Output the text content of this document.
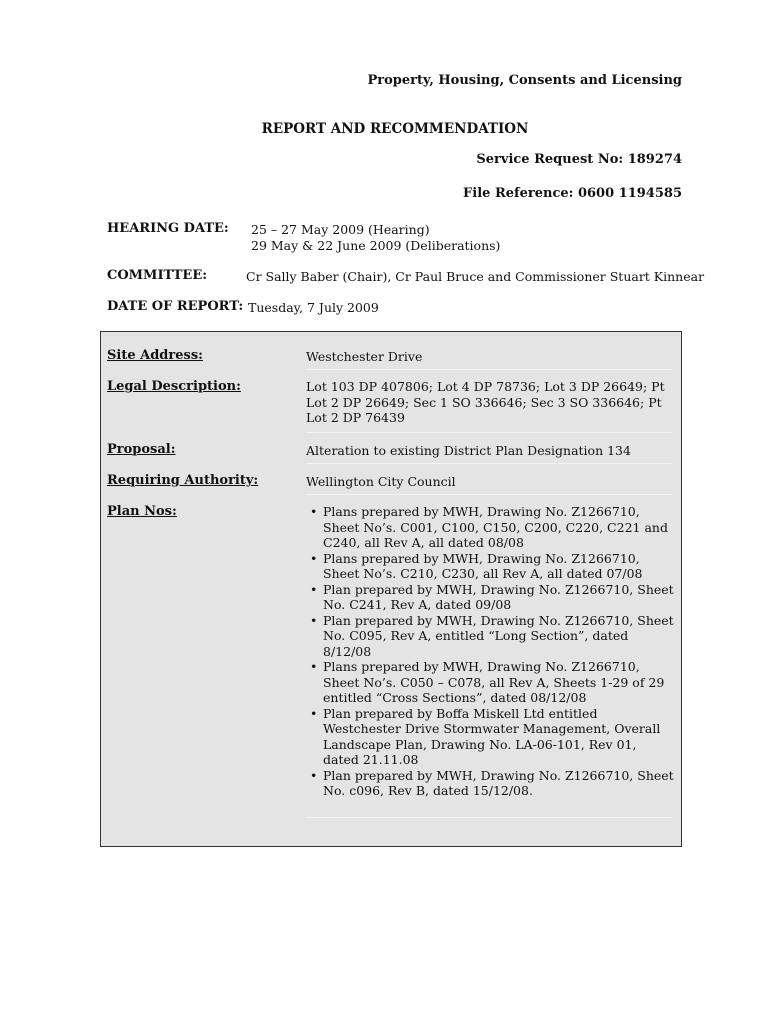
Property, Housing, Consents and Licensing
REPORT AND RECOMMENDATION
Service Request No: 189274
File Reference: 0600 1194585
HEARING DATE: 25 – 27 May 2009 (Hearing)
29 May & 22 June 2009 (Deliberations)
COMMITTEE:	Cr Sally Baber (Chair), Cr Paul Bruce and Commissioner Stuart Kinnear
DATE OF REPORT: Tuesday, 7 July 2009
Site Address:	Westchester Drive
Legal Description:	Lot 103 DP 407806; Lot 4 DP 78736; Lot 3 DP 26649; Pt Lot 2 DP 26649; Sec 1 SO 336646; Sec 3 SO 336646; Pt Lot 2 DP 76439
Proposal:	Alteration to existing District Plan Designation 134
Requiring Authority:	Wellington City Council
Plan Nos:
•	Plans prepared by MWH, Drawing No. Z1266710, Sheet No’s. C001, C100, C150, C200, C220, C221 and C240, all Rev A, all dated 08/08
• Plans prepared by MWH, Drawing No. Z1266710, Sheet No’s. C210, C230, all Rev A, all dated 07/08
• Plan prepared by MWH, Drawing No. Z1266710, Sheet No. C241, Rev A, dated 09/08
• Plan prepared by MWH, Drawing No. Z1266710, Sheet No. C095, Rev A, entitled “Long Section”, dated 8/12/08
• Plans prepared by MWH, Drawing No. Z1266710, Sheet No’s. C050 – C078, all Rev A, Sheets 1-29 of 29 entitled “Cross Sections”, dated 08/12/08
• Plan prepared by Boffa Miskell Ltd entitled Westchester Drive Stormwater Management, Overall Landscape Plan, Drawing No. LA-06-101, Rev 01, dated 21.11.08
• Plan prepared by MWH, Drawing No. Z1266710, Sheet No. c096, Rev B, dated 15/12/08.
